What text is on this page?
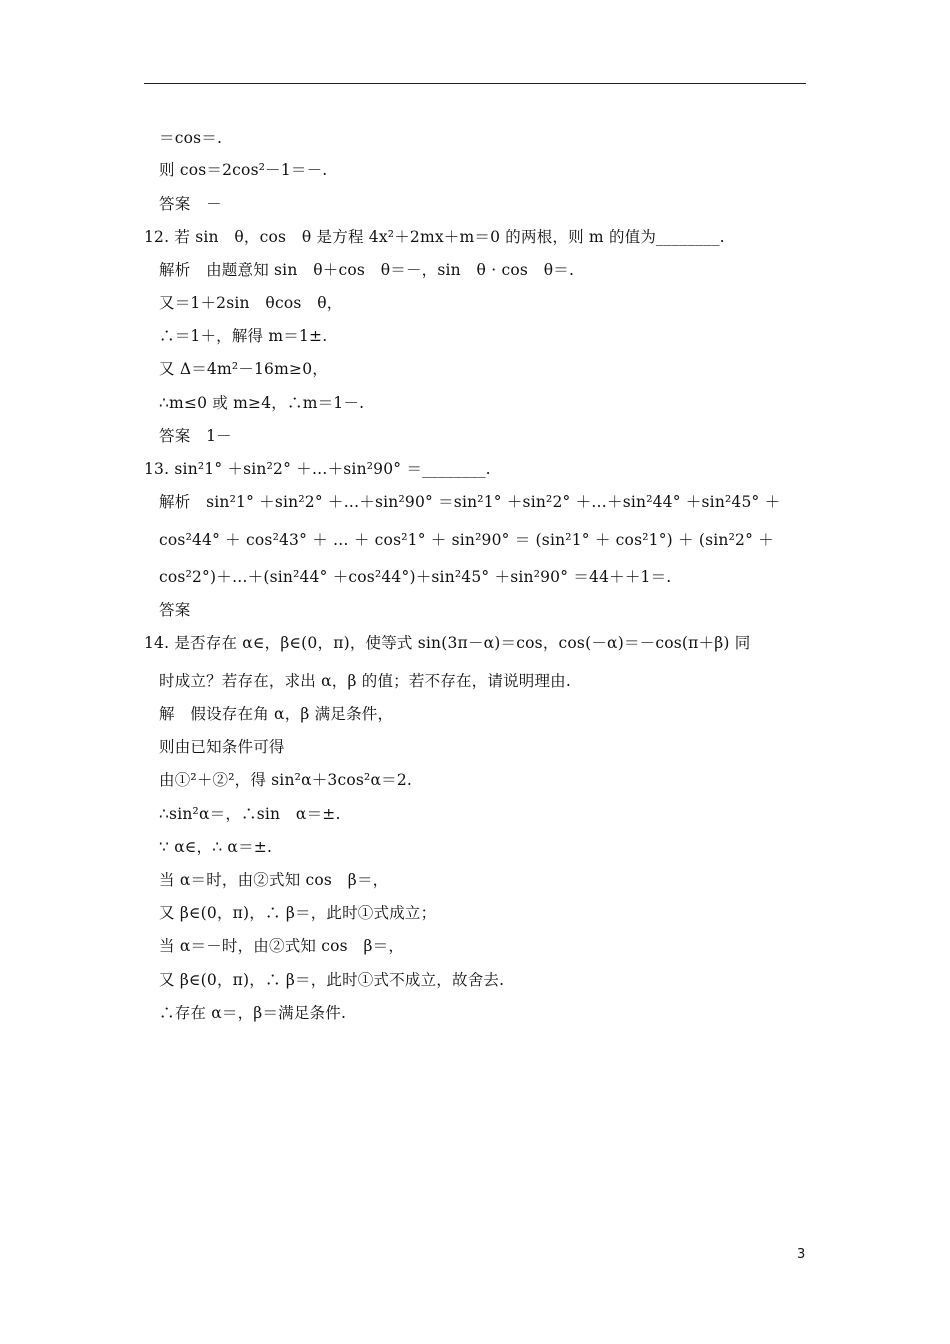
＝cos＝.
则 cos＝2cos²－1＝－.
答案　－
12. 若 sin　θ，cos　θ 是方程 4x²＋2mx＋m＝0 的两根，则 m 的值为________.
解析　由题意知 sin　θ＋cos　θ＝－，sin　θ · cos　θ＝.
又＝1＋2sin　θcos　θ，
∴＝1＋，解得 m＝1±.
又 Δ＝4m²－16m≥0，
∴m≤0 或 m≥4，∴m＝1－.
答案　1－
13. sin²1° ＋sin²2° ＋…＋sin²90° ＝________.
解析　sin²1° ＋sin²2° ＋…＋sin²90° ＝sin²1° ＋sin²2° ＋…＋sin²44° ＋sin²45° ＋
cos²44° ＋ cos²43° ＋ … ＋ cos²1° ＋ sin²90° ＝ (sin²1° ＋ cos²1°) ＋ (sin²2° ＋
cos²2°)＋…＋(sin²44° ＋cos²44°)＋sin²45° ＋sin²90° ＝44＋＋1＝.
答案
14. 是否存在 α∈，β∈(0，π)，使等式 sin(3π－α)＝cos，cos(－α)＝－cos(π＋β) 同
时成立？若存在，求出 α，β 的值；若不存在，请说明理由.
解　假设存在角 α，β 满足条件，
则由已知条件可得
由①²＋②²，得 sin²α＋3cos²α＝2.
∴sin²α＝，∴sin　α＝±.
∵ α∈，∴ α＝±.
当 α＝时，由②式知 cos　β＝，
又 β∈(0，π)，∴ β＝，此时①式成立；
当 α＝－时，由②式知 cos　β＝，
又 β∈(0，π)，∴ β＝，此时①式不成立，故舍去.
∴存在 α＝，β＝满足条件.
3
